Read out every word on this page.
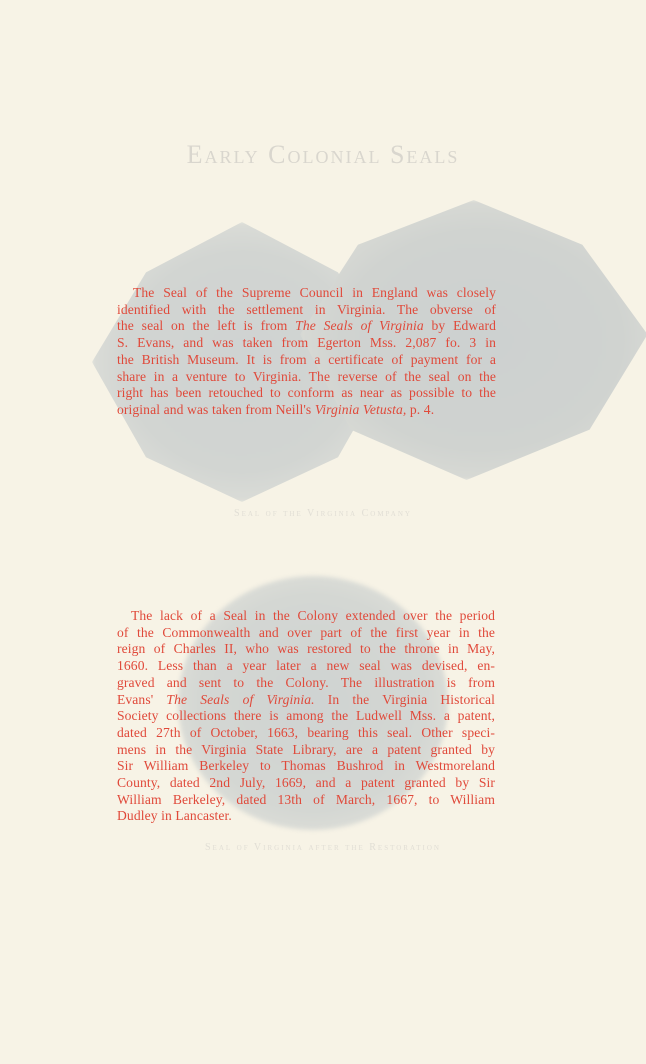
Early Colonial Seals
The Seal of the Supreme Council in England was closely
identified with the settlement in Virginia. The obverse of
the seal on the left is from The Seals of Virginia by Edward
S. Evans, and was taken from Egerton Mss. 2,087 fo. 3 in
the British Museum. It is from a certificate of payment for a
share in a venture to Virginia. The reverse of the seal on the
right has been retouched to conform as near as possible to the
original and was taken from Neill's Virginia Vetusta, p. 4.
Seal of the Virginia Company
The lack of a Seal in the Colony extended over the period
of the Commonwealth and over part of the first year in the
reign of Charles II, who was restored to the throne in May,
1660. Less than a year later a new seal was devised, en-
graved and sent to the Colony. The illustration is from
Evans' The Seals of Virginia. In the Virginia Historical
Society collections there is among the Ludwell Mss. a patent,
dated 27th of October, 1663, bearing this seal. Other speci-
mens in the Virginia State Library, are a patent granted by
Sir William Berkeley to Thomas Bushrod in Westmoreland
County, dated 2nd July, 1669, and a patent granted by Sir
William Berkeley, dated 13th of March, 1667, to William
Dudley in Lancaster.
Seal of Virginia after the Restoration
